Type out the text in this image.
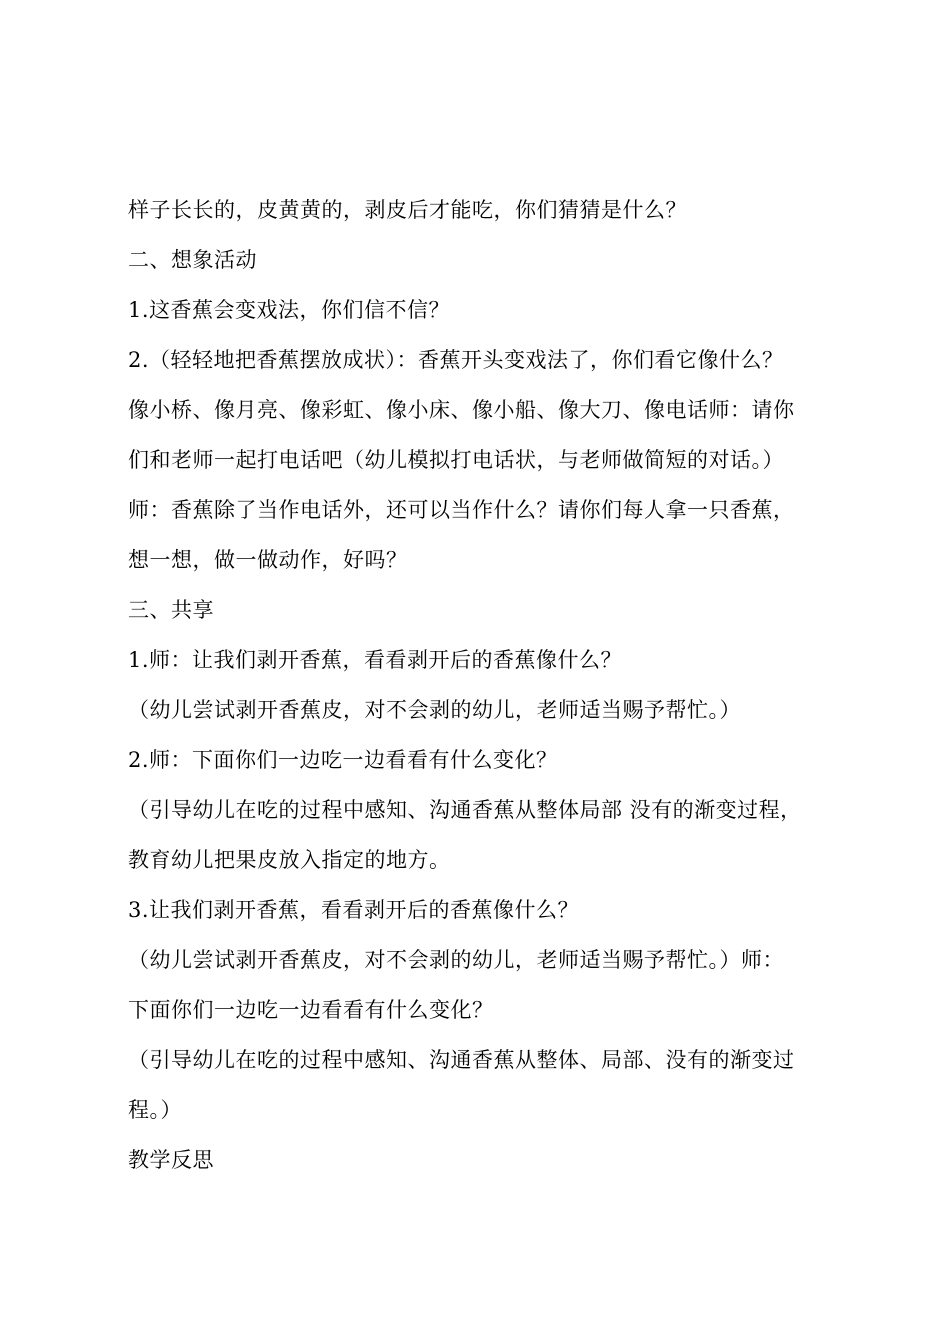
样子长长的，皮黄黄的，剥皮后才能吃，你们猜猜是什么？
二、想象活动
1.这香蕉会变戏法，你们信不信？
2.（轻轻地把香蕉摆放成状）：香蕉开头变戏法了，你们看它像什么？
像小桥、像月亮、像彩虹、像小床、像小船、像大刀、像电话师：请你
们和老师一起打电话吧（幼儿模拟打电话状，与老师做简短的对话。）
师：香蕉除了当作电话外，还可以当作什么？请你们每人拿一只香蕉，
想一想，做一做动作，好吗？
三、共享
1.师：让我们剥开香蕉，看看剥开后的香蕉像什么？
（幼儿尝试剥开香蕉皮，对不会剥的幼儿，老师适当赐予帮忙。）
2.师：下面你们一边吃一边看看有什么变化？
（引导幼儿在吃的过程中感知、沟通香蕉从整体局部 没有的渐变过程，
教育幼儿把果皮放入指定的地方。
3.让我们剥开香蕉，看看剥开后的香蕉像什么？
（幼儿尝试剥开香蕉皮，对不会剥的幼儿，老师适当赐予帮忙。）师：
下面你们一边吃一边看看有什么变化？
（引导幼儿在吃的过程中感知、沟通香蕉从整体、局部、没有的渐变过
程。）
教学反思
